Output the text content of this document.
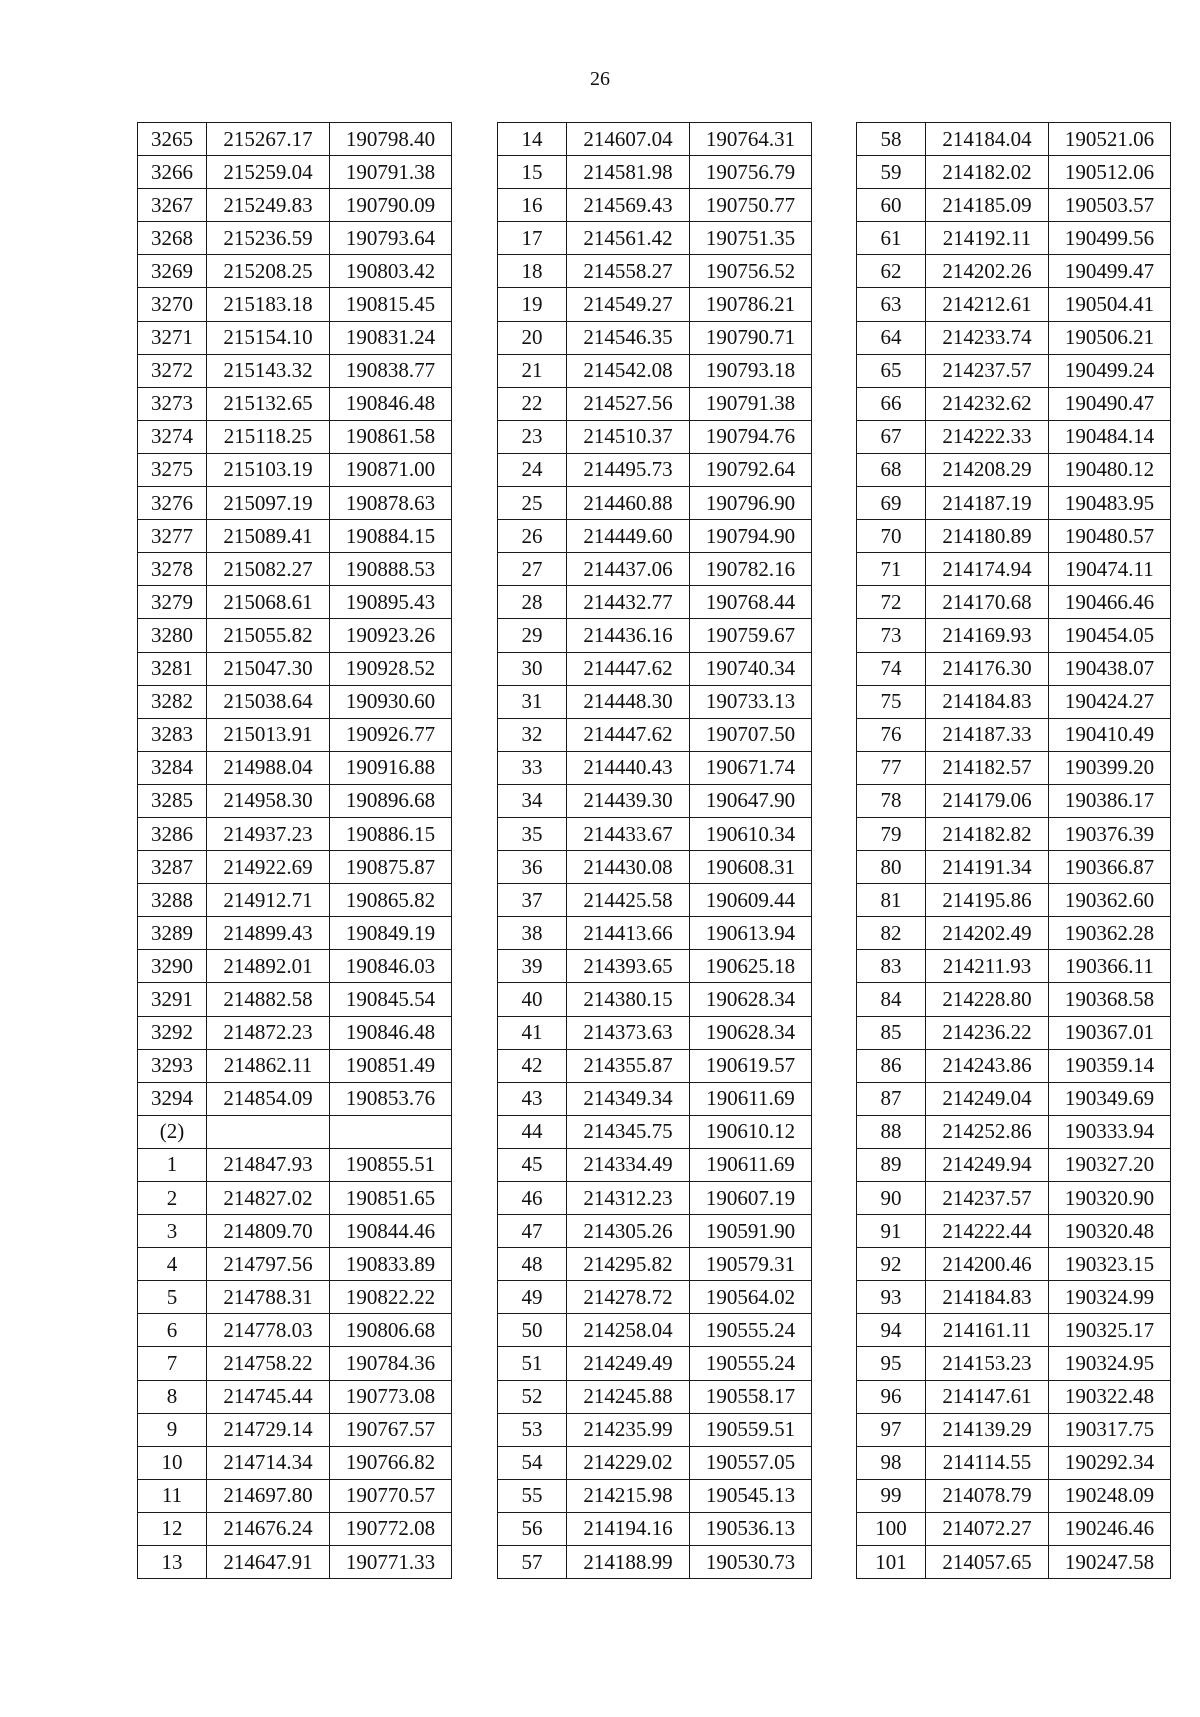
26
3265	215267.17	190798.40
3266	215259.04	190791.38
3267	215249.83	190790.09
3268	215236.59	190793.64
3269	215208.25	190803.42
3270	215183.18	190815.45
3271	215154.10	190831.24
3272	215143.32	190838.77
3273	215132.65	190846.48
3274	215118.25	190861.58
3275	215103.19	190871.00
3276	215097.19	190878.63
3277	215089.41	190884.15
3278	215082.27	190888.53
3279	215068.61	190895.43
3280	215055.82	190923.26
3281	215047.30	190928.52
3282	215038.64	190930.60
3283	215013.91	190926.77
3284	214988.04	190916.88
3285	214958.30	190896.68
3286	214937.23	190886.15
3287	214922.69	190875.87
3288	214912.71	190865.82
3289	214899.43	190849.19
3290	214892.01	190846.03
3291	214882.58	190845.54
3292	214872.23	190846.48
3293	214862.11	190851.49
3294	214854.09	190853.76
(2)		
1	214847.93	190855.51
2	214827.02	190851.65
3	214809.70	190844.46
4	214797.56	190833.89
5	214788.31	190822.22
6	214778.03	190806.68
7	214758.22	190784.36
8	214745.44	190773.08
9	214729.14	190767.57
10	214714.34	190766.82
11	214697.80	190770.57
12	214676.24	190772.08
13	214647.91	190771.33
14	214607.04	190764.31
15	214581.98	190756.79
16	214569.43	190750.77
17	214561.42	190751.35
18	214558.27	190756.52
19	214549.27	190786.21
20	214546.35	190790.71
21	214542.08	190793.18
22	214527.56	190791.38
23	214510.37	190794.76
24	214495.73	190792.64
25	214460.88	190796.90
26	214449.60	190794.90
27	214437.06	190782.16
28	214432.77	190768.44
29	214436.16	190759.67
30	214447.62	190740.34
31	214448.30	190733.13
32	214447.62	190707.50
33	214440.43	190671.74
34	214439.30	190647.90
35	214433.67	190610.34
36	214430.08	190608.31
37	214425.58	190609.44
38	214413.66	190613.94
39	214393.65	190625.18
40	214380.15	190628.34
41	214373.63	190628.34
42	214355.87	190619.57
43	214349.34	190611.69
44	214345.75	190610.12
45	214334.49	190611.69
46	214312.23	190607.19
47	214305.26	190591.90
48	214295.82	190579.31
49	214278.72	190564.02
50	214258.04	190555.24
51	214249.49	190555.24
52	214245.88	190558.17
53	214235.99	190559.51
54	214229.02	190557.05
55	214215.98	190545.13
56	214194.16	190536.13
57	214188.99	190530.73
58	214184.04	190521.06
59	214182.02	190512.06
60	214185.09	190503.57
61	214192.11	190499.56
62	214202.26	190499.47
63	214212.61	190504.41
64	214233.74	190506.21
65	214237.57	190499.24
66	214232.62	190490.47
67	214222.33	190484.14
68	214208.29	190480.12
69	214187.19	190483.95
70	214180.89	190480.57
71	214174.94	190474.11
72	214170.68	190466.46
73	214169.93	190454.05
74	214176.30	190438.07
75	214184.83	190424.27
76	214187.33	190410.49
77	214182.57	190399.20
78	214179.06	190386.17
79	214182.82	190376.39
80	214191.34	190366.87
81	214195.86	190362.60
82	214202.49	190362.28
83	214211.93	190366.11
84	214228.80	190368.58
85	214236.22	190367.01
86	214243.86	190359.14
87	214249.04	190349.69
88	214252.86	190333.94
89	214249.94	190327.20
90	214237.57	190320.90
91	214222.44	190320.48
92	214200.46	190323.15
93	214184.83	190324.99
94	214161.11	190325.17
95	214153.23	190324.95
96	214147.61	190322.48
97	214139.29	190317.75
98	214114.55	190292.34
99	214078.79	190248.09
100	214072.27	190246.46
101	214057.65	190247.58
